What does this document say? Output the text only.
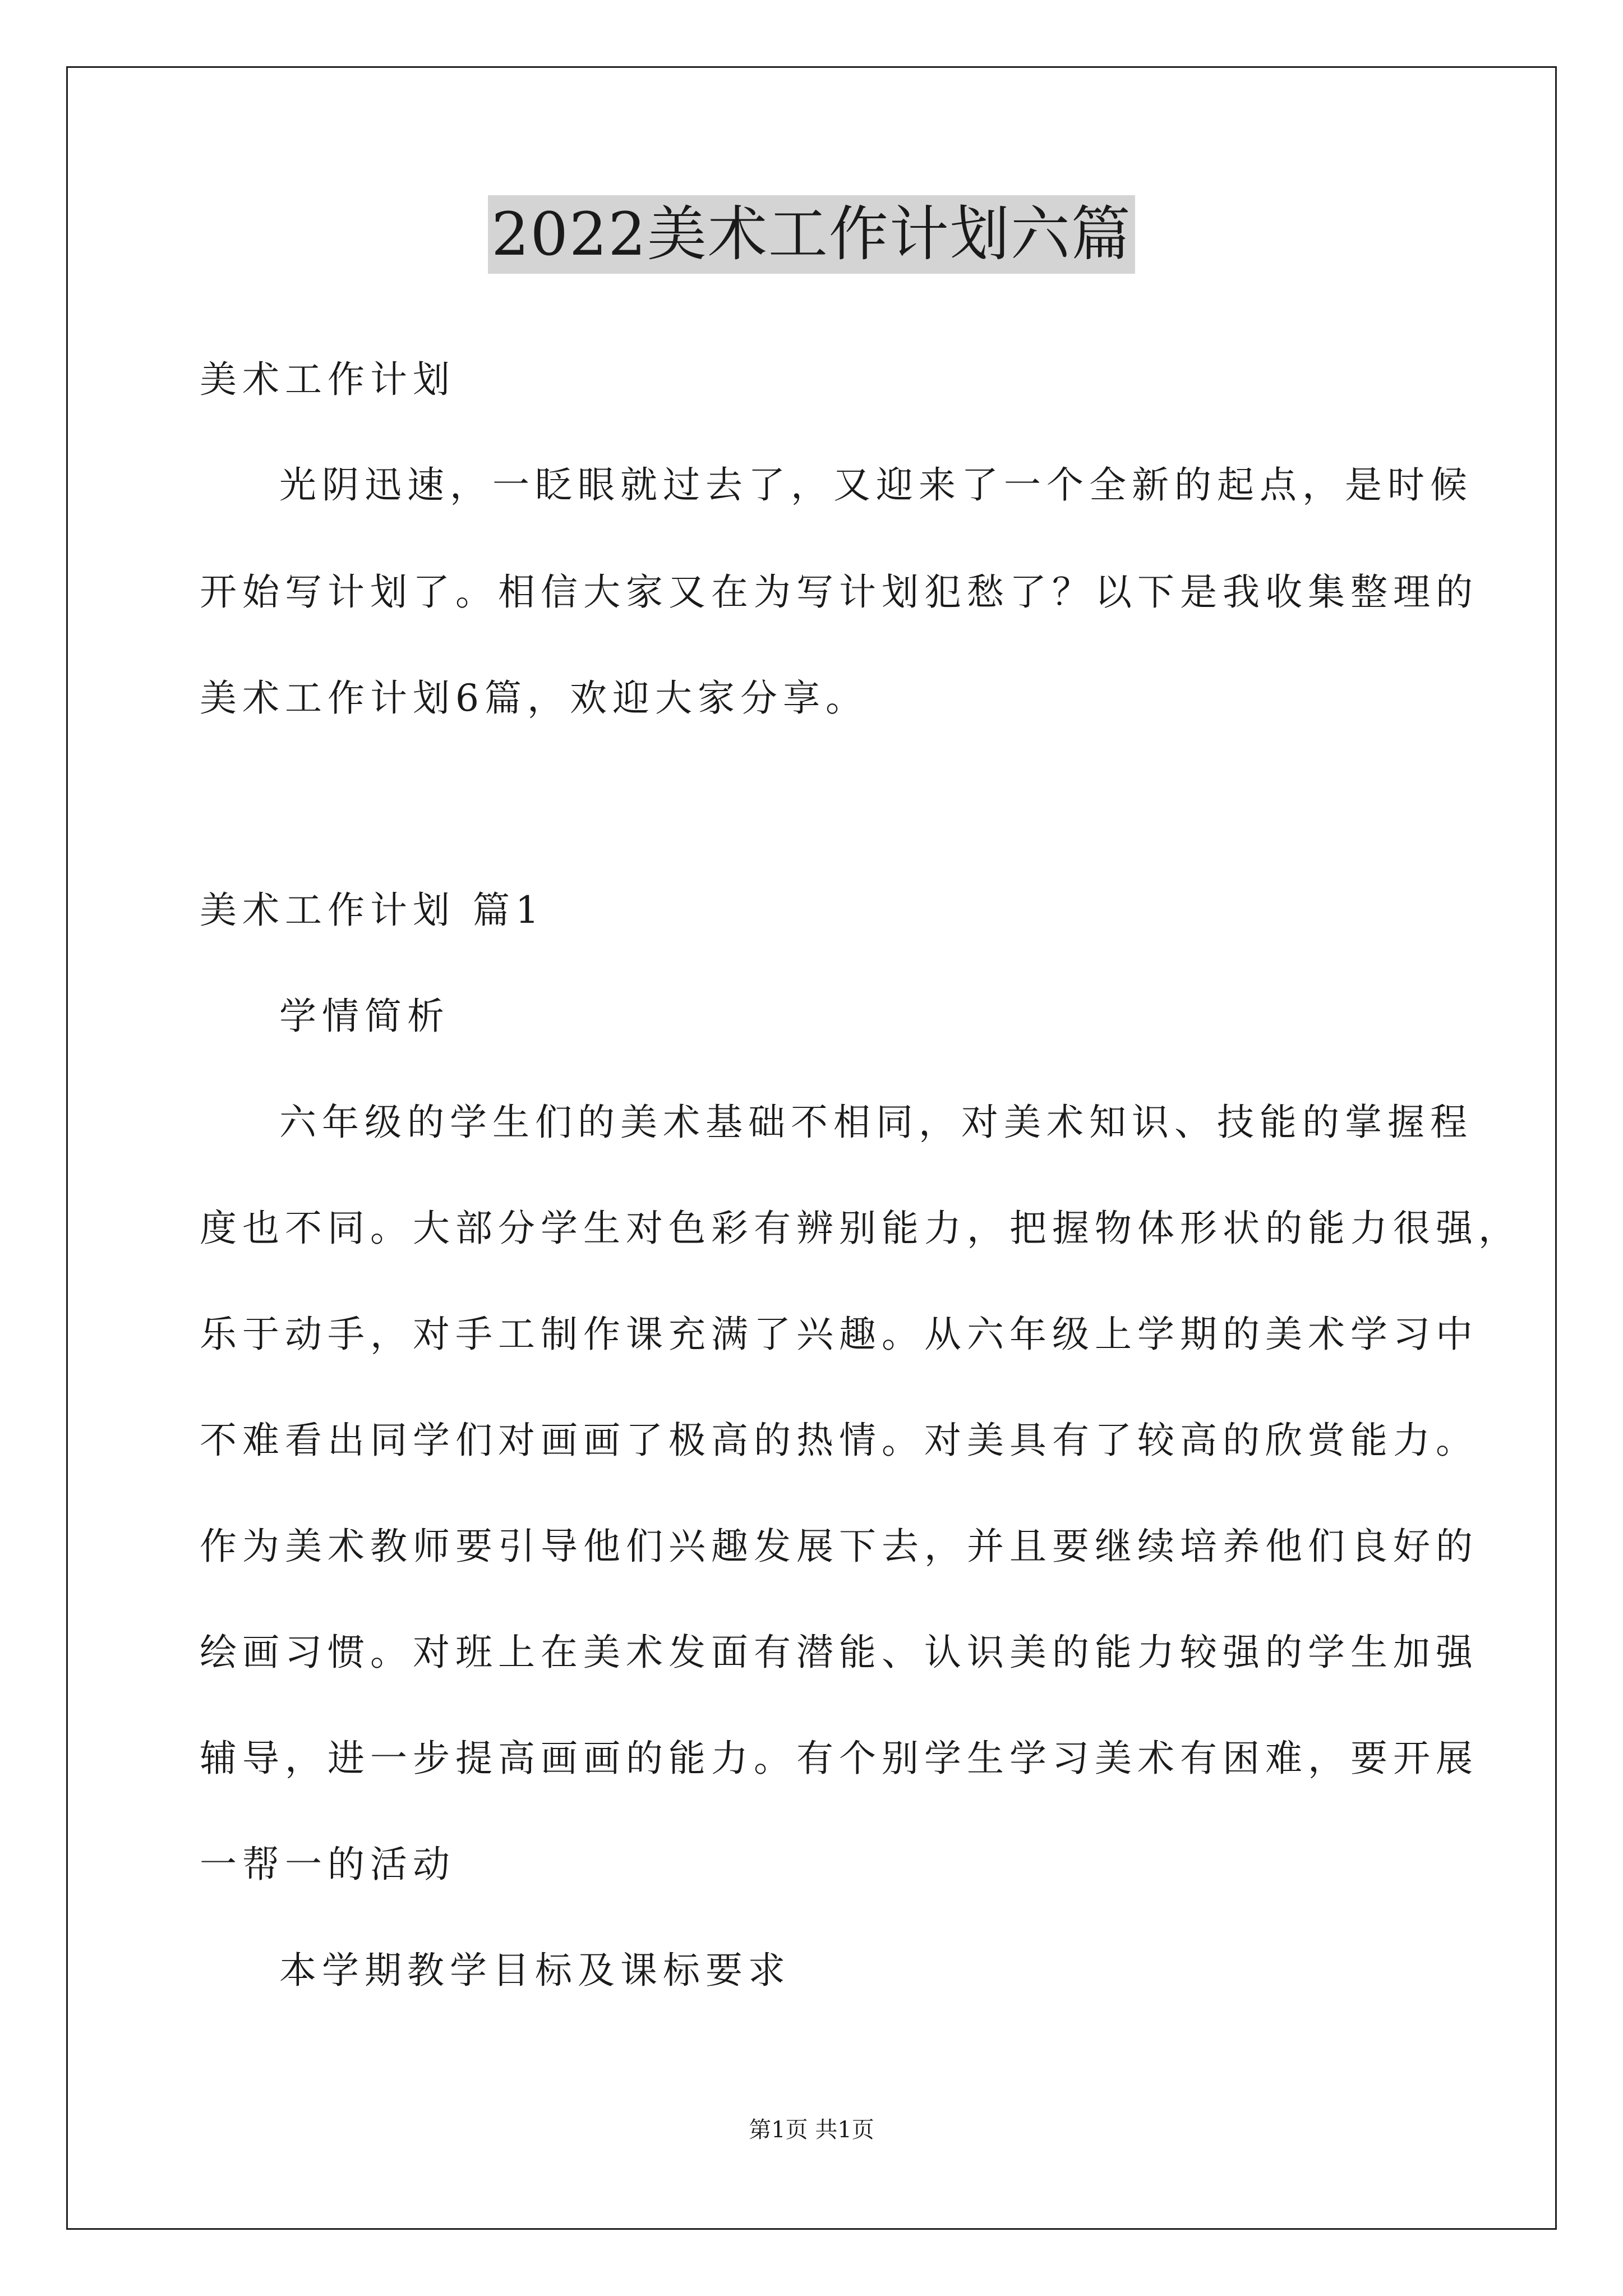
2022美术工作计划六篇
美术工作计划
光阴迅速，一眨眼就过去了，又迎来了一个全新的起点，是时候
开始写计划了。相信大家又在为写计划犯愁了？以下是我收集整理的
美术工作计划6篇，欢迎大家分享。
美术工作计划 篇1
学情简析
六年级的学生们的美术基础不相同，对美术知识、技能的掌握程
度也不同。大部分学生对色彩有辨别能力，把握物体形状的能力很强，
乐于动手，对手工制作课充满了兴趣。从六年级上学期的美术学习中
不难看出同学们对画画了极高的热情。对美具有了较高的欣赏能力。
作为美术教师要引导他们兴趣发展下去，并且要继续培养他们良好的
绘画习惯。对班上在美术发面有潜能、认识美的能力较强的学生加强
辅导，进一步提高画画的能力。有个别学生学习美术有困难，要开展
一帮一的活动
本学期教学目标及课标要求
第1页 共1页
